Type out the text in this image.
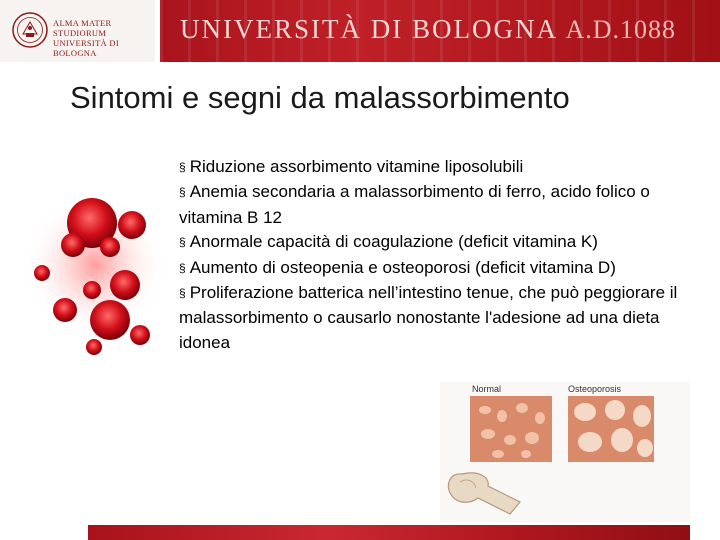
ALMA MATER STUDIORUM
UNIVERSITÀ DI BOLOGNA
UNIVERSITÀ DI BOLOGNA A.D.1088
Sintomi e segni da malassorbimento
§ Riduzione assorbimento vitamine liposolubili
§ Anemia secondaria a malassorbimento di ferro, acido folico o vitamina B 12
§ Anormale capacità di coagulazione (deficit vitamina K)
§ Aumento di osteopenia e osteoporosi (deficit vitamina D)
§ Proliferazione batterica nell’intestino tenue, che può peggiorare il malassorbimento o causarlo nonostante l'adesione ad una dieta idonea
Normal	Osteoporosis
